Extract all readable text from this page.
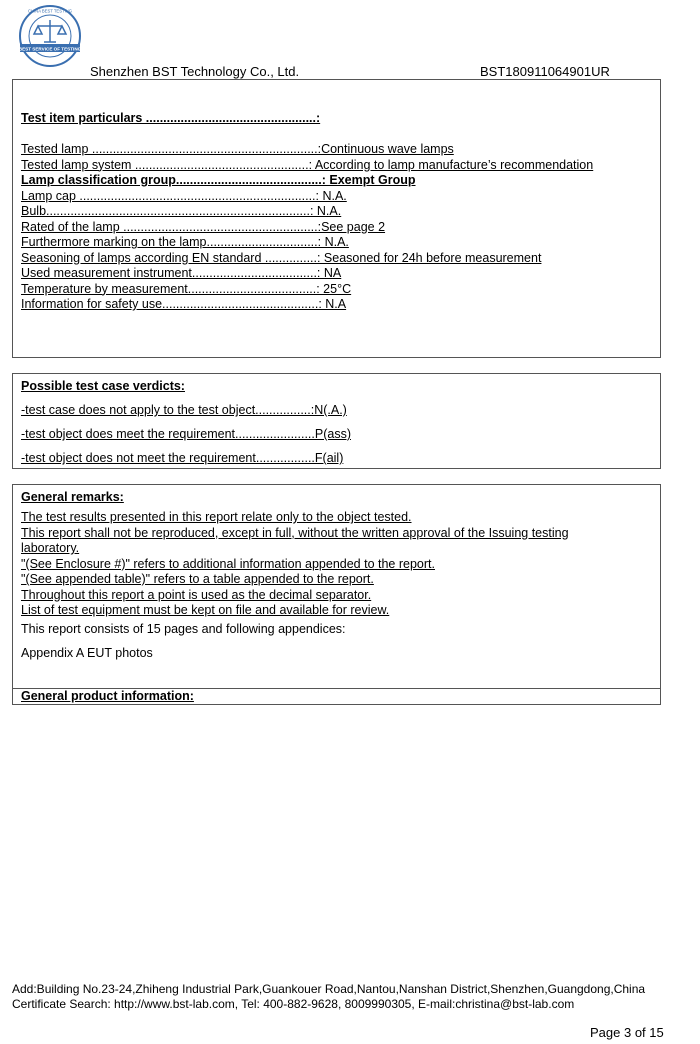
BEST SERVICE OF TESTING
CHINA BEST TESTING
Shenzhen BST Technology Co., Ltd.	BST180911064901UR
Test item particulars .................................................:
Tested lamp .................................................................:Continuous wave lamps
Tested lamp system ..................................................: According to lamp manufacture’s recommendation
Lamp classification group..........................................: Exempt Group
Lamp cap ....................................................................: N.A.
Bulb............................................................................: N.A.
Rated of the lamp ........................................................:See page 2
Furthermore marking on the lamp................................: N.A.
Seasoning of lamps according EN standard ...............: Seasoned for 24h before measurement
Used measurement instrument....................................: NA
Temperature by measurement.....................................: 25°C
Information for safety use.............................................: N.A
Possible test case verdicts:
-test case does not apply to the test object................:N(.A.)
-test object does meet the requirement.......................P(ass)
-test object does not meet the requirement.................F(ail)
General remarks:
The test results presented in this report relate only to the object tested.
This report shall not be reproduced, except in full, without the written approval of the Issuing testing
laboratory.
"(See Enclosure #)" refers to additional information appended to the report.
"(See appended table)" refers to a table appended to the report.
Throughout this report a point is used as the decimal separator.
List of test equipment must be kept on file and available for review.
This report consists of 15 pages and following appendices:
Appendix A EUT photos
General product information:
Add:Building No.23-24,Zhiheng Industrial Park,Guankouer Road,Nantou,Nanshan District,Shenzhen,Guangdong,China
Certificate Search: http://www.bst-lab.com, Tel: 400-882-9628, 8009990305, E-mail:christina@bst-lab.com
Page 3 of 15
